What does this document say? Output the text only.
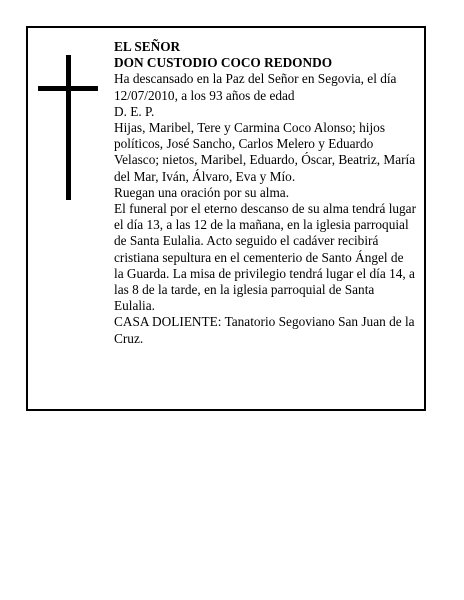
EL SEÑOR

DON CUSTODIO COCO REDONDO

Ha descansado en la Paz del Señor en Segovia, el día 12/07/2010, a los 93 años de edad

D. E. P.

Hijas, Maribel, Tere y Carmina Coco Alonso; hijos políticos, José Sancho, Carlos Melero y Eduardo Velasco; nietos, Maribel, Eduardo, Óscar, Beatriz, María del Mar, Iván, Álvaro, Eva y Mío.

Ruegan una oración por su alma.

El funeral por el eterno descanso de su alma tendrá lugar el día 13, a las 12 de la mañana, en la iglesia parroquial de Santa Eulalia. Acto seguido el cadáver recibirá cristiana sepultura en el cementerio de Santo Ángel de la Guarda. La misa de privilegio tendrá lugar el día 14, a las 8 de la tarde, en la iglesia parroquial de Santa Eulalia.

CASA DOLIENTE: Tanatorio Segoviano San Juan de la Cruz.
